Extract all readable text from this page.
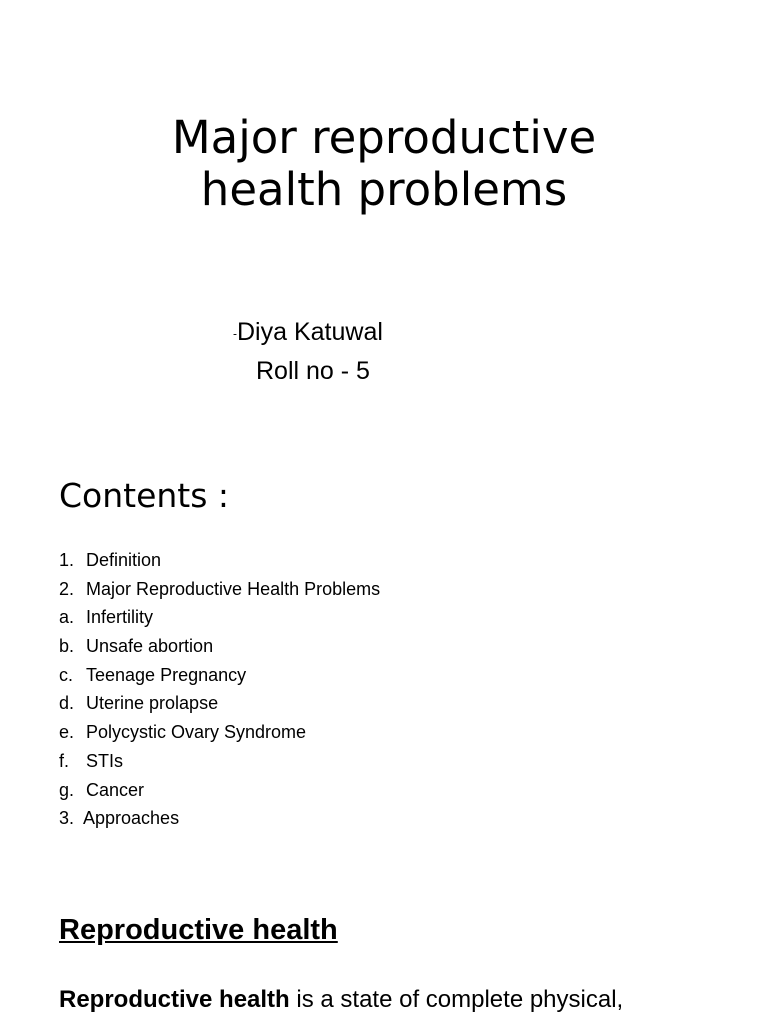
Major reproductive
health problems
-Diya Katuwal
Roll no - 5
Contents :
1. Definition
2. Major Reproductive Health Problems
a. Infertility
b. Unsafe abortion
c. Teenage Pregnancy
d. Uterine prolapse
e. Polycystic Ovary Syndrome
f. STIs
g. Cancer
3. Approaches
Reproductive health
Reproductive health is a state of complete physical,
